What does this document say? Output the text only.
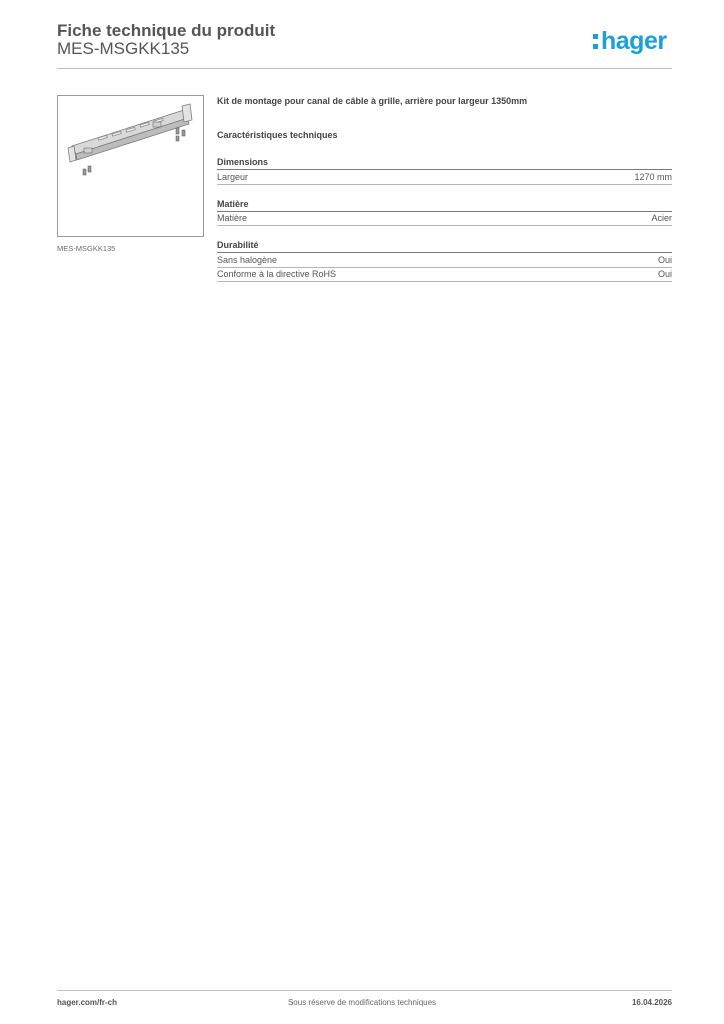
Fiche technique du produit
MES-MSGKK135	hager
MES-MSGKK135

Kit de montage pour canal de câble à grille, arrière pour largeur 1350mm

Caractéristiques techniques
Dimensions
Largeur	1270 mm
Matière
Matière	Acier
Durabilité
Sans halogène	Oui
Conforme à la directive RoHS	Oui
hager.com/fr-ch	Sous réserve de modifications techniques	16.04.2026
